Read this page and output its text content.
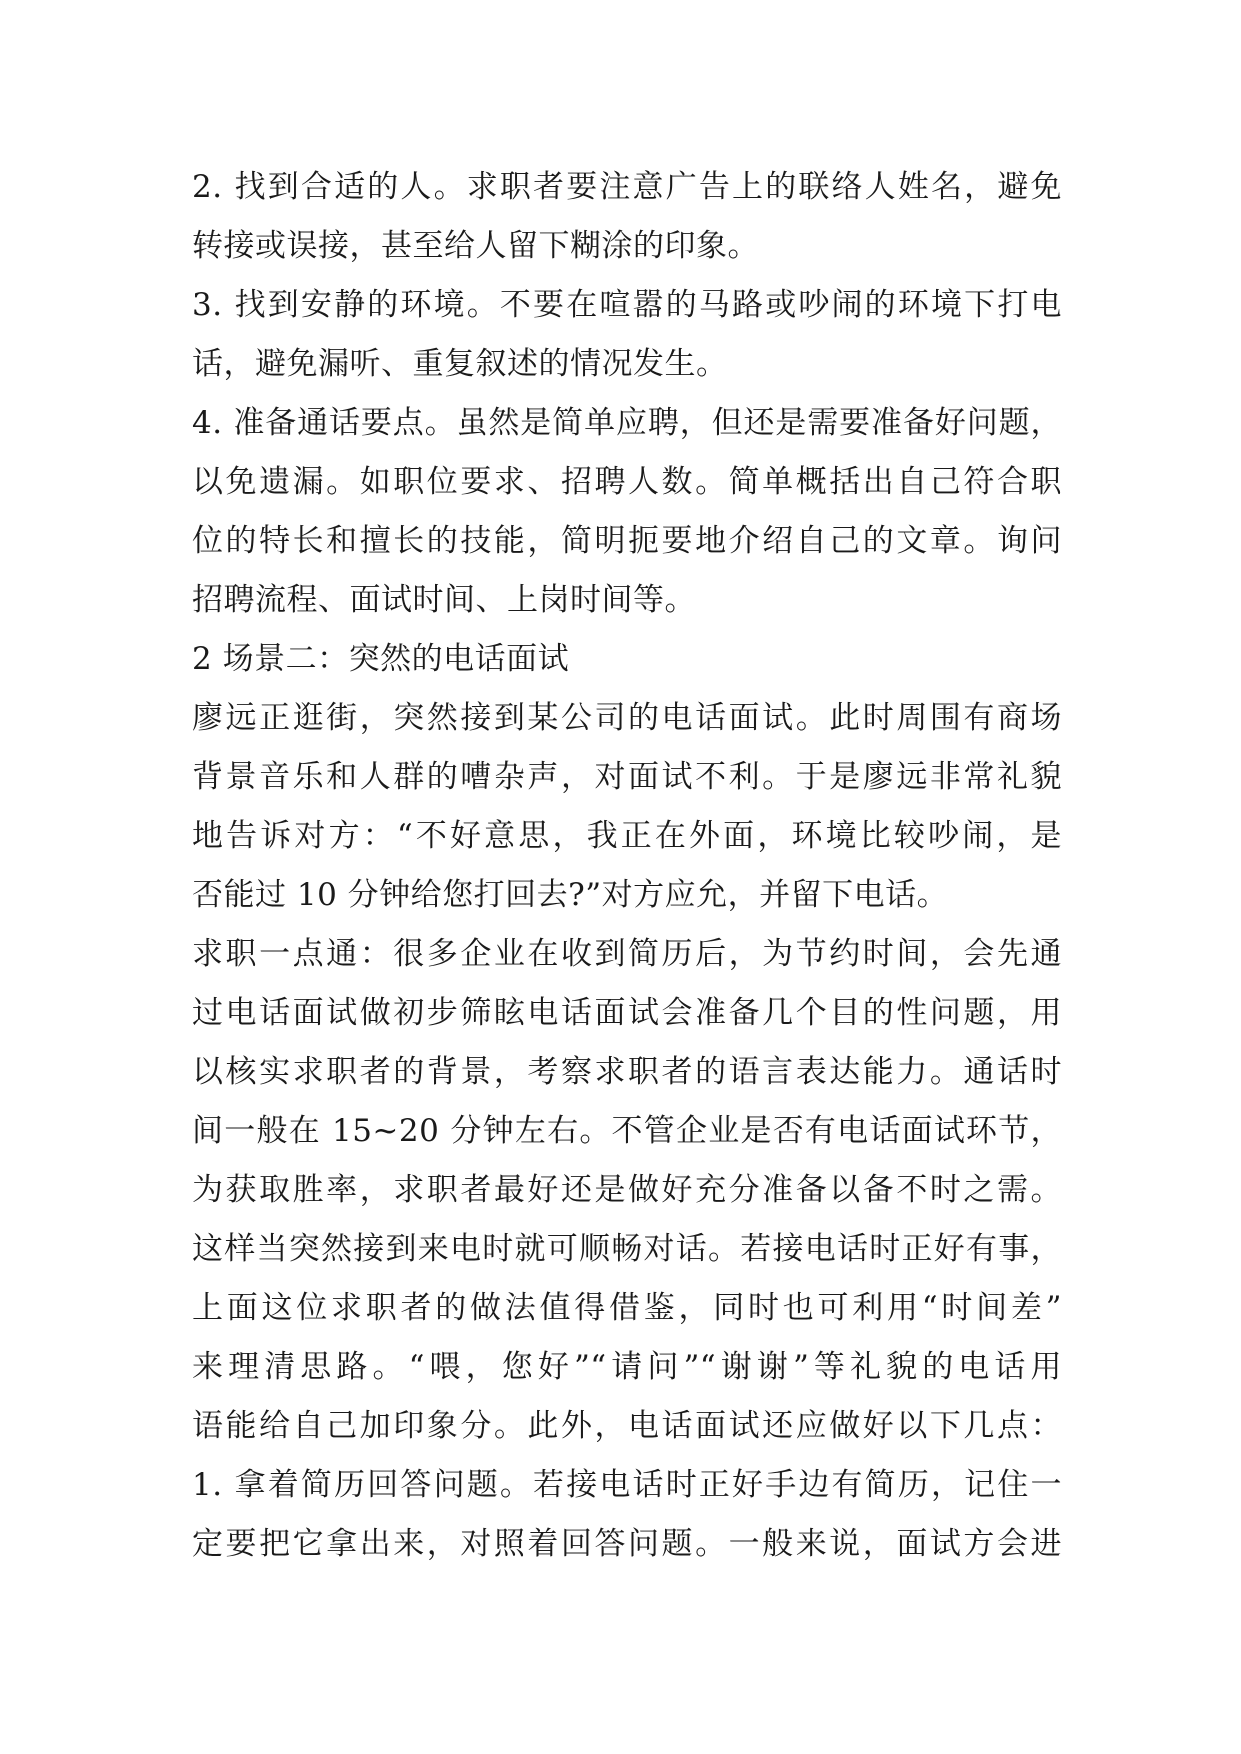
2. 找到合适的人。求职者要注意广告上的联络人姓名，避免
转接或误接，甚至给人留下糊涂的印象。
3. 找到安静的环境。不要在喧嚣的马路或吵闹的环境下打电
话，避免漏听、重复叙述的情况发生。
4. 准备通话要点。虽然是简单应聘，但还是需要准备好问题，
以免遗漏。如职位要求、招聘人数。简单概括出自己符合职
位的特长和擅长的技能，简明扼要地介绍自己的文章。询问
招聘流程、面试时间、上岗时间等。
2 场景二：突然的电话面试
廖远正逛街，突然接到某公司的电话面试。此时周围有商场
背景音乐和人群的嘈杂声，对面试不利。于是廖远非常礼貌
地告诉对方：“不好意思，我正在外面，环境比较吵闹，是
否能过 10 分钟给您打回去?”对方应允，并留下电话。
求职一点通：很多企业在收到简历后，为节约时间，会先通
过电话面试做初步筛眩电话面试会准备几个目的性问题，用
以核实求职者的背景，考察求职者的语言表达能力。通话时
间一般在 15~20 分钟左右。不管企业是否有电话面试环节，
为获取胜率，求职者最好还是做好充分准备以备不时之需。
这样当突然接到来电时就可顺畅对话。若接电话时正好有事，
上面这位求职者的做法值得借鉴，同时也可利用“时间差”
来理清思路。“喂，您好”“请问”“谢谢”等礼貌的电话用
语能给自己加印象分。此外，电话面试还应做好以下几点：
1. 拿着简历回答问题。若接电话时正好手边有简历，记住一
定要把它拿出来，对照着回答问题。一般来说，面试方会进
